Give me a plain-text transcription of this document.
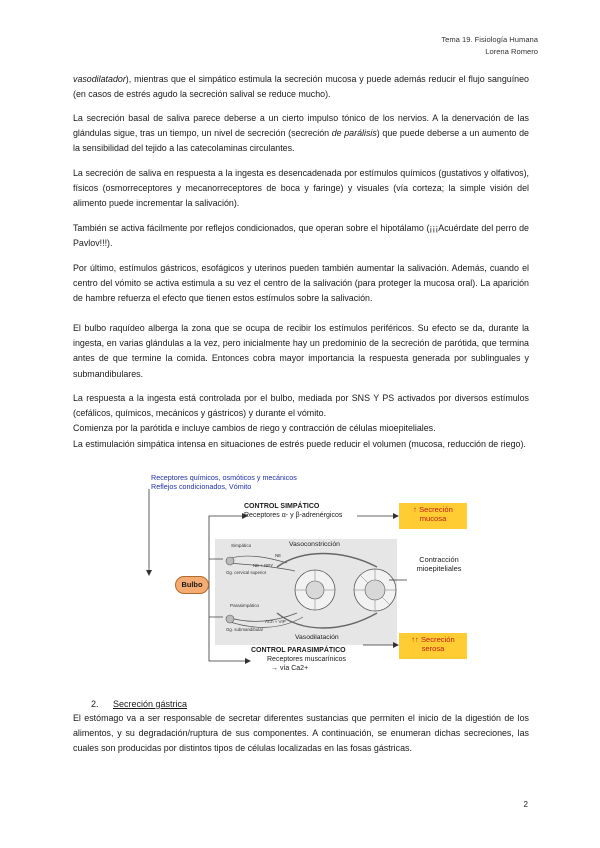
Tema 19. Fisiología Humana
Lorena Romero

vasodilatador), mientras que el simpático estimula la secreción mucosa y puede además reducir el flujo sanguíneo (en casos de estrés agudo la secreción salival se reduce mucho).

La secreción basal de saliva parece deberse a un cierto impulso tónico de los nervios. A la denervación de las glándulas sigue, tras un tiempo, un nivel de secreción (secreción de parálisis) que puede deberse a un aumento de la sensibilidad del tejido a las catecolaminas circulantes.

La secreción de saliva en respuesta a la ingesta es desencadenada por estímulos químicos (gustativos y olfativos), físicos (osmorreceptores y mecanorreceptores de boca y faringe) y visuales (vía corteza; la simple visión del alimento puede incrementar la salivación).

También se activa fácilmente por reflejos condicionados, que operan sobre el hipotálamo (¡¡¡Acuérdate del perro de Pavlov!!!).

Por último, estímulos gástricos, esofágicos y uterinos pueden también aumentar la salivación. Además, cuando el centro del vómito se activa estimula a su vez el centro de la salivación (para proteger la mucosa oral). La aparición de hambre refuerza el efecto que tienen estos estímulos sobre la salivación.

El bulbo raquídeo alberga la zona que se ocupa de recibir los estímulos periféricos. Su efecto se da, durante la ingesta, en varias glándulas a la vez, pero inicialmente hay un predominio de la secreción de parótida, que termina antes de que termine la comida. Entonces cobra mayor importancia la respuesta generada por sublinguales y submandibulares.

La respuesta a la ingesta está controlada por el bulbo, mediada por SNS Y PS activados por diversos estímulos (cefálicos, químicos, mecánicos y gástricos) y durante el vómito.
Comienza por la parótida e incluye cambios de riego y contracción de células mioepiteliales.
La estimulación simpática intensa en situaciones de estrés puede reducir el volumen (mucosa, reducción de riego).

Receptores químicos, osmóticos y mecánicos
Reflejos condicionados, Vómito
CONTROL SIMPÁTICO
Receptores α- y β-adrenérgicos
↑ Secreción mucosa
Bulbo
Simpático
Gg. cervical superior
NE
NE + NPY
Vasoconstricción
Contracción mioepiteliales
Parasimpático
Gg. submandibular
ACh + VIP
Vasodilatación	↑↑ Secreción serosa
CONTROL PARASIMPÁTICO
Receptores muscarínicos
→ vía Ca2+
2. Secreción gástrica

El estómago va a ser responsable de secretar diferentes sustancias que permiten el inicio de la digestión de los alimentos, y su degradación/ruptura de sus componentes. A continuación, se enumeran dichas secreciones, las cuales son producidas por distintos tipos de células localizadas en las fosas gástricas.

2
